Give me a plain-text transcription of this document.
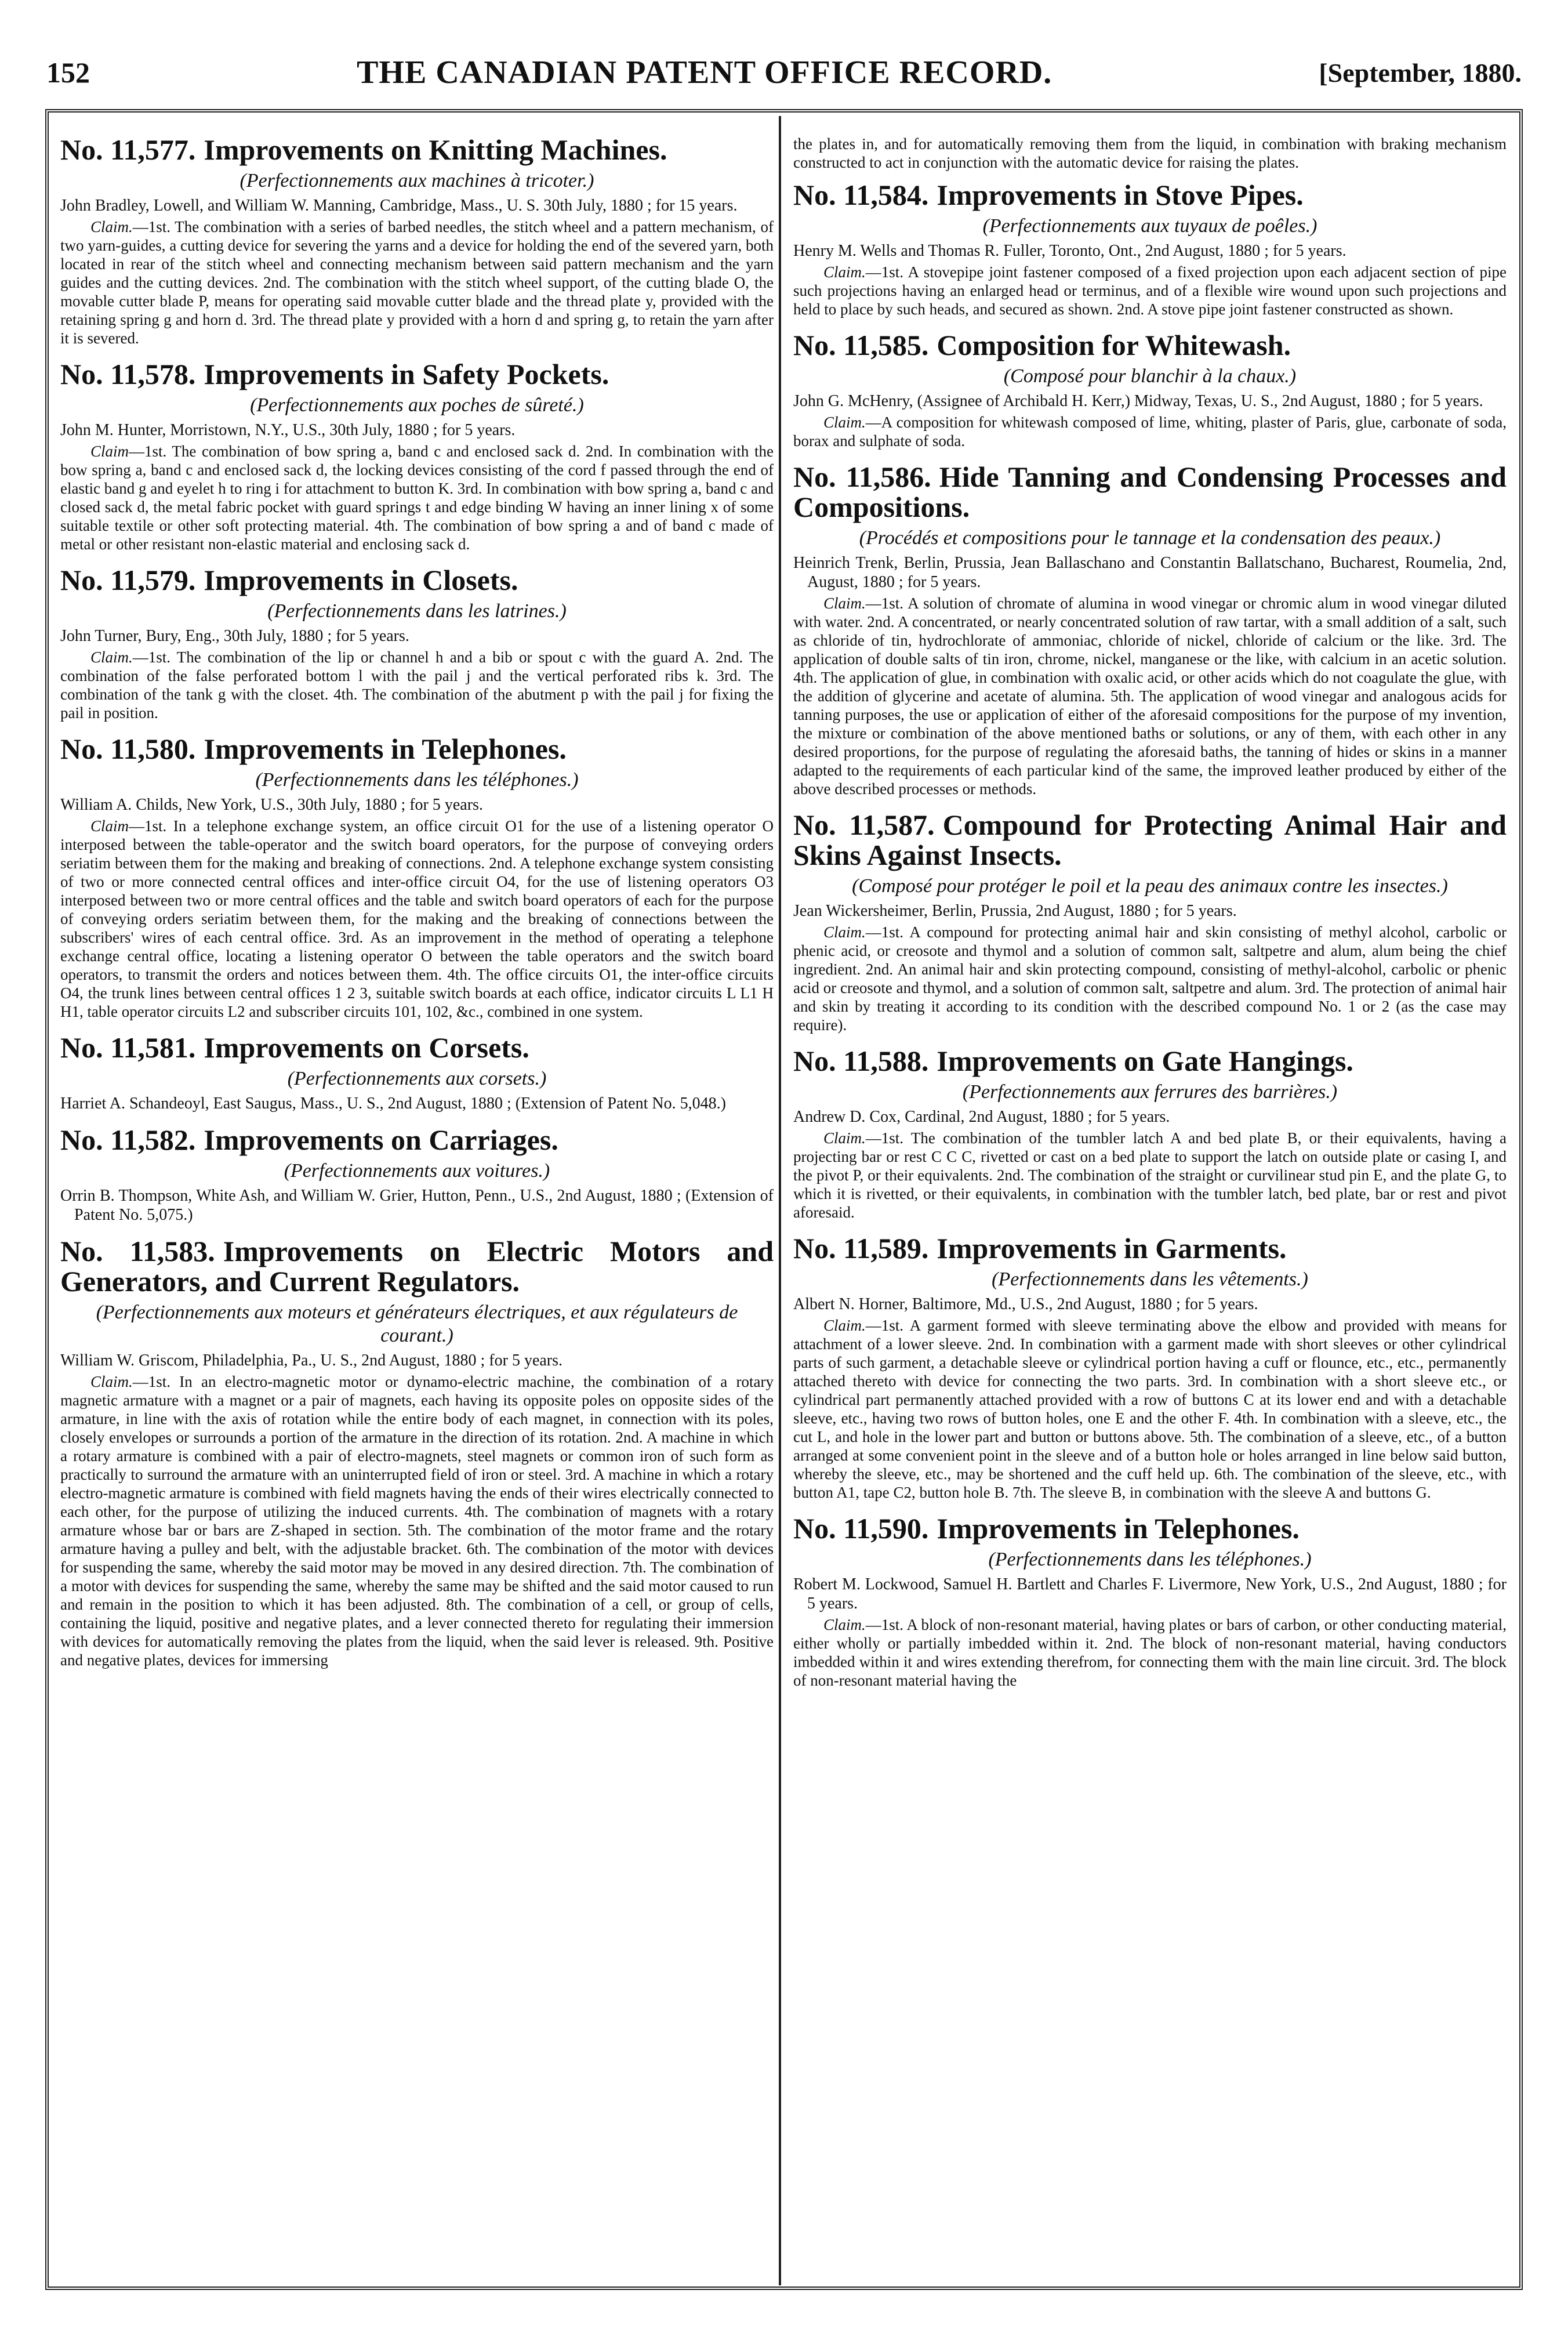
152	THE CANADIAN PATENT OFFICE RECORD.	[September, 1880.
No. 11,577. Improvements on Knitting Machines.
(Perfectionnements aux machines à tricoter.)
John Bradley, Lowell, and William W. Manning, Cambridge, Mass., U. S. 30th July, 1880 ; for 15 years.
Claim.—1st. The combination with a series of barbed needles, the stitch wheel and a pattern mechanism, of two yarn-guides, a cutting device for severing the yarns and a device for holding the end of the severed yarn, both located in rear of the stitch wheel and connecting mechanism between said pattern mechanism and the yarn guides and the cutting devices. 2nd. The combination with the stitch wheel support, of the cutting blade O, the movable cutter blade P, means for operating said movable cutter blade and the thread plate y, provided with the retaining spring g and horn d. 3rd. The thread plate y provided with a horn d and spring g, to retain the yarn after it is severed.
No. 11,578. Improvements in Safety Pockets.
(Perfectionnements aux poches de sûreté.)
John M. Hunter, Morristown, N.Y., U.S., 30th July, 1880 ; for 5 years.
Claim—1st. The combination of bow spring a, band c and enclosed sack d. 2nd. In combination with the bow spring a, band c and enclosed sack d, the locking devices consisting of the cord f passed through the end of elastic band g and eyelet h to ring i for attachment to button K. 3rd. In combination with bow spring a, band c and closed sack d, the metal fabric pocket with guard springs t and edge binding W having an inner lining x of some suitable textile or other soft protecting material. 4th. The combination of bow spring a and of band c made of metal or other resistant non-elastic material and enclosing sack d.
No. 11,579. Improvements in Closets.
(Perfectionnements dans les latrines.)
John Turner, Bury, Eng., 30th July, 1880 ; for 5 years.
Claim.—1st. The combination of the lip or channel h and a bib or spout c with the guard A. 2nd. The combination of the false perforated bottom l with the pail j and the vertical perforated ribs k. 3rd. The combination of the tank g with the closet. 4th. The combination of the abutment p with the pail j for fixing the pail in position.
No. 11,580. Improvements in Telephones.
(Perfectionnements dans les téléphones.)
William A. Childs, New York, U.S., 30th July, 1880 ; for 5 years.
Claim—1st. In a telephone exchange system, an office circuit O1 for the use of a listening operator O interposed between the table-operator and the switch board operators, for the purpose of conveying orders seriatim between them for the making and breaking of connections. 2nd. A telephone exchange system consisting of two or more connected central offices and inter-office circuit O4, for the use of listening operators O3 interposed between two or more central offices and the table and switch board operators of each for the purpose of conveying orders seriatim between them, for the making and the breaking of connections between the subscribers' wires of each central office. 3rd. As an improvement in the method of operating a telephone exchange central office, locating a listening operator O between the table operators and the switch board operators, to transmit the orders and notices between them. 4th. The office circuits O1, the inter-office circuits O4, the trunk lines between central offices 1 2 3, suitable switch boards at each office, indicator circuits L L1 H H1, table operator circuits L2 and subscriber circuits 101, 102, &c., combined in one system.
No. 11,581. Improvements on Corsets.
(Perfectionnements aux corsets.)
Harriet A. Schandeoyl, East Saugus, Mass., U. S., 2nd August, 1880 ; (Extension of Patent No. 5,048.)
No. 11,582. Improvements on Carriages.
(Perfectionnements aux voitures.)
Orrin B. Thompson, White Ash, and William W. Grier, Hutton, Penn., U.S., 2nd August, 1880 ; (Extension of Patent No. 5,075.)
No. 11,583. Improvements on Electric Motors and Generators, and Current Regulators.
(Perfectionnements aux moteurs et générateurs électriques, et aux régulateurs de courant.)
William W. Griscom, Philadelphia, Pa., U. S., 2nd August, 1880 ; for 5 years.
Claim.—1st. In an electro-magnetic motor or dynamo-electric machine, the combination of a rotary magnetic armature with a magnet or a pair of magnets, each having its opposite poles on opposite sides of the armature, in line with the axis of rotation while the entire body of each magnet, in connection with its poles, closely envelopes or surrounds a portion of the armature in the direction of its rotation. 2nd. A machine in which a rotary armature is combined with a pair of electro-magnets, steel magnets or common iron of such form as practically to surround the armature with an uninterrupted field of iron or steel. 3rd. A machine in which a rotary electro-magnetic armature is combined with field magnets having the ends of their wires electrically connected to each other, for the purpose of utilizing the induced currents. 4th. The combination of magnets with a rotary armature whose bar or bars are Z-shaped in section. 5th. The combination of the motor frame and the rotary armature having a pulley and belt, with the adjustable bracket. 6th. The combination of the motor with devices for suspending the same, whereby the said motor may be moved in any desired direction. 7th. The combination of a motor with devices for suspending the same, whereby the same may be shifted and the said motor caused to run and remain in the position to which it has been adjusted. 8th. The combination of a cell, or group of cells, containing the liquid, positive and negative plates, and a lever connected thereto for regulating their immersion with devices for automatically removing the plates from the liquid, when the said lever is released. 9th. Positive and negative plates, devices for immersing
the plates in, and for automatically removing them from the liquid, in combination with braking mechanism constructed to act in conjunction with the automatic device for raising the plates.
No. 11,584. Improvements in Stove Pipes.
(Perfectionnements aux tuyaux de poêles.)
Henry M. Wells and Thomas R. Fuller, Toronto, Ont., 2nd August, 1880 ; for 5 years.
Claim.—1st. A stovepipe joint fastener composed of a fixed projection upon each adjacent section of pipe such projections having an enlarged head or terminus, and of a flexible wire wound upon such projections and held to place by such heads, and secured as shown. 2nd. A stove pipe joint fastener constructed as shown.
No. 11,585. Composition for Whitewash.
(Composé pour blanchir à la chaux.)
John G. McHenry, (Assignee of Archibald H. Kerr,) Midway, Texas, U. S., 2nd August, 1880 ; for 5 years.
Claim.—A composition for whitewash composed of lime, whiting, plaster of Paris, glue, carbonate of soda, borax and sulphate of soda.
No. 11,586. Hide Tanning and Condensing Processes and Compositions.
(Procédés et compositions pour le tannage et la condensation des peaux.)
Heinrich Trenk, Berlin, Prussia, Jean Ballaschano and Constantin Ballatschano, Bucharest, Roumelia, 2nd, August, 1880 ; for 5 years.
Claim.—1st. A solution of chromate of alumina in wood vinegar or chromic alum in wood vinegar diluted with water. 2nd. A concentrated, or nearly concentrated solution of raw tartar, with a small addition of a salt, such as chloride of tin, hydrochlorate of ammoniac, chloride of nickel, chloride of calcium or the like. 3rd. The application of double salts of tin iron, chrome, nickel, manganese or the like, with calcium in an acetic solution. 4th. The application of glue, in combination with oxalic acid, or other acids which do not coagulate the glue, with the addition of glycerine and acetate of alumina. 5th. The application of wood vinegar and analogous acids for tanning purposes, the use or application of either of the aforesaid compositions for the purpose of my invention, the mixture or combination of the above mentioned baths or solutions, or any of them, with each other in any desired proportions, for the purpose of regulating the aforesaid baths, the tanning of hides or skins in a manner adapted to the requirements of each particular kind of the same, the improved leather produced by either of the above described processes or methods.
No. 11,587. Compound for Protecting Animal Hair and Skins Against Insects.
(Composé pour protéger le poil et la peau des animaux contre les insectes.)
Jean Wickersheimer, Berlin, Prussia, 2nd August, 1880 ; for 5 years.
Claim.—1st. A compound for protecting animal hair and skin consisting of methyl alcohol, carbolic or phenic acid, or creosote and thymol and a solution of common salt, saltpetre and alum, alum being the chief ingredient. 2nd. An animal hair and skin protecting compound, consisting of methyl-alcohol, carbolic or phenic acid or creosote and thymol, and a solution of common salt, saltpetre and alum. 3rd. The protection of animal hair and skin by treating it according to its condition with the described compound No. 1 or 2 (as the case may require).
No. 11,588. Improvements on Gate Hangings.
(Perfectionnements aux ferrures des barrières.)
Andrew D. Cox, Cardinal, 2nd August, 1880 ; for 5 years.
Claim.—1st. The combination of the tumbler latch A and bed plate B, or their equivalents, having a projecting bar or rest C C C, rivetted or cast on a bed plate to support the latch on outside plate or casing I, and the pivot P, or their equivalents. 2nd. The combination of the straight or curvilinear stud pin E, and the plate G, to which it is rivetted, or their equivalents, in combination with the tumbler latch, bed plate, bar or rest and pivot aforesaid.
No. 11,589. Improvements in Garments.
(Perfectionnements dans les vêtements.)
Albert N. Horner, Baltimore, Md., U.S., 2nd August, 1880 ; for 5 years.
Claim.—1st. A garment formed with sleeve terminating above the elbow and provided with means for attachment of a lower sleeve. 2nd. In combination with a garment made with short sleeves or other cylindrical parts of such garment, a detachable sleeve or cylindrical portion having a cuff or flounce, etc., etc., permanently attached thereto with device for connecting the two parts. 3rd. In combination with a short sleeve etc., or cylindrical part permanently attached provided with a row of buttons C at its lower end and with a detachable sleeve, etc., having two rows of button holes, one E and the other F. 4th. In combination with a sleeve, etc., the cut L, and hole in the lower part and button or buttons above. 5th. The combination of a sleeve, etc., of a button arranged at some convenient point in the sleeve and of a button hole or holes arranged in line below said button, whereby the sleeve, etc., may be shortened and the cuff held up. 6th. The combination of the sleeve, etc., with button A1, tape C2, button hole B. 7th. The sleeve B, in combination with the sleeve A and buttons G.
No. 11,590. Improvements in Telephones.
(Perfectionnements dans les téléphones.)
Robert M. Lockwood, Samuel H. Bartlett and Charles F. Livermore, New York, U.S., 2nd August, 1880 ; for 5 years.
Claim.—1st. A block of non-resonant material, having plates or bars of carbon, or other conducting material, either wholly or partially imbedded within it. 2nd. The block of non-resonant material, having conductors imbedded within it and wires extending therefrom, for connecting them with the main line circuit. 3rd. The block of non-resonant material having the
